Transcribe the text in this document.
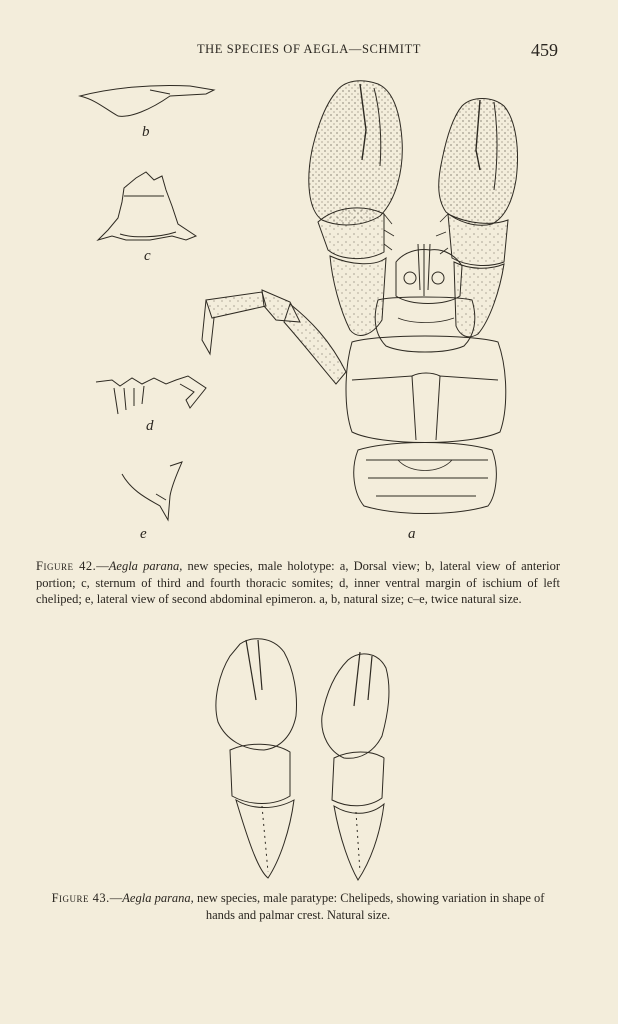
THE SPECIES OF AEGLA—SCHMITT	459
b
c
d
e	a
Figure 42.—Aegla parana, new species, male holotype: a, Dorsal view; b, lateral view of anterior portion; c, sternum of third and fourth thoracic somites; d, inner ventral margin of ischium of left cheliped; e, lateral view of second abdominal epimeron. a, b, natural size; c–e, twice natural size.
Figure 43.—Aegla parana, new species, male paratype: Chelipeds, showing variation in shape of hands and palmar crest. Natural size.
